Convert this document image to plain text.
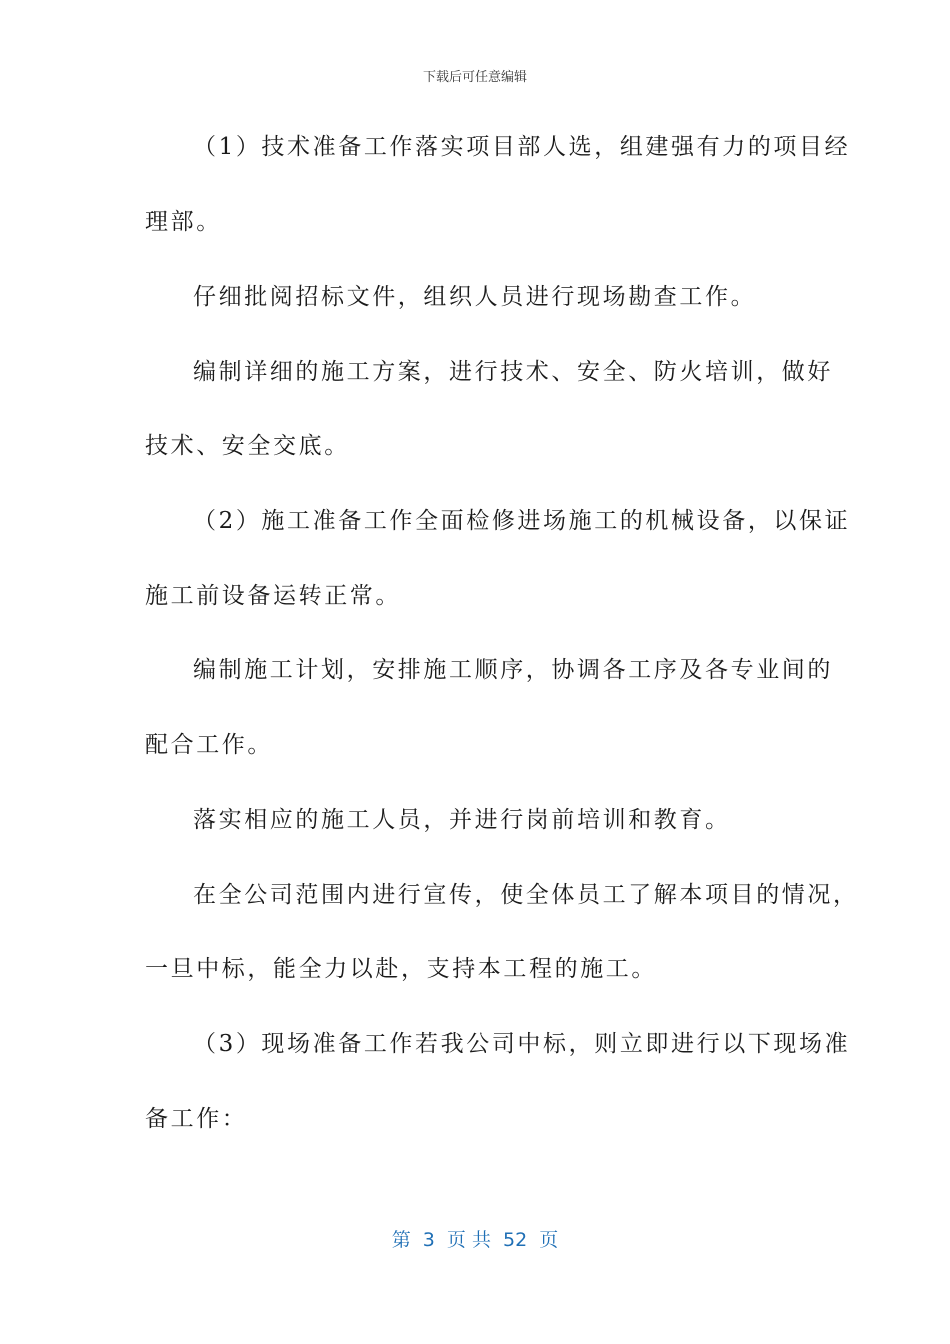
下载后可任意编辑
（1）技术准备工作落实项目部人选，组建强有力的项目经
理部。
仔细批阅招标文件，组织人员进行现场勘查工作。
编制详细的施工方案，进行技术、安全、防火培训，做好
技术、安全交底。
（2）施工准备工作全面检修进场施工的机械设备，以保证
施工前设备运转正常。
编制施工计划，安排施工顺序，协调各工序及各专业间的
配合工作。
落实相应的施工人员，并进行岗前培训和教育。
在全公司范围内进行宣传，使全体员工了解本项目的情况，
一旦中标，能全力以赴，支持本工程的施工。
（3）现场准备工作若我公司中标，则立即进行以下现场准
备工作：
第  3  页 共  52  页
